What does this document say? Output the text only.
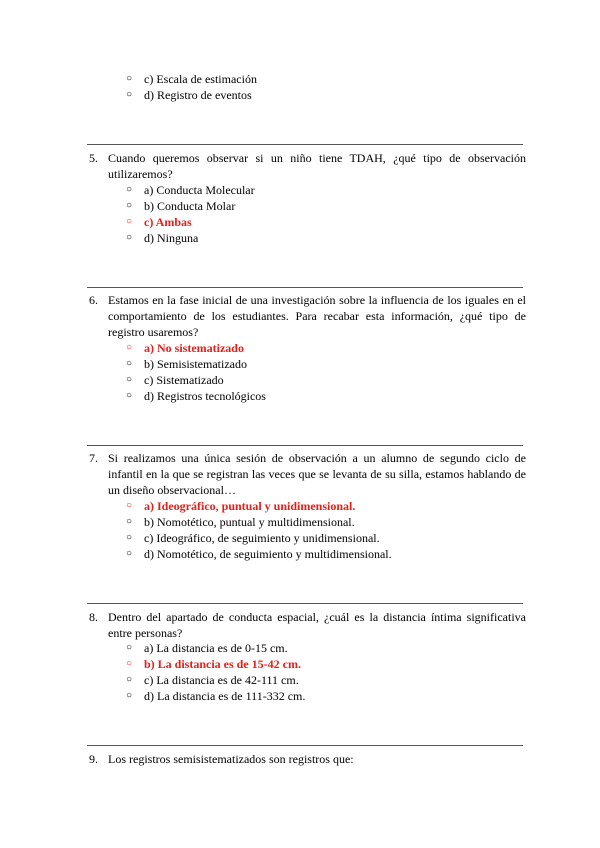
○ c) Escala de estimación
○ d) Registro de eventos
5. Cuando queremos observar si un niño tiene TDAH, ¿qué tipo de observación utilizaremos?
○ a) Conducta Molecular
○ b) Conducta Molar
○ c) Ambas
○ d) Ninguna
6. Estamos en la fase inicial de una investigación sobre la influencia de los iguales en el comportamiento de los estudiantes. Para recabar esta información, ¿qué tipo de registro usaremos?
○ a) No sistematizado
○ b) Semisistematizado
○ c) Sistematizado
○ d) Registros tecnológicos
7. Si realizamos una única sesión de observación a un alumno de segundo ciclo de infantil en la que se registran las veces que se levanta de su silla, estamos hablando de un diseño observacional…
○ a) Ideográfico, puntual y unidimensional.
○ b) Nomotético, puntual y multidimensional.
○ c) Ideográfico, de seguimiento y unidimensional.
○ d) Nomotético, de seguimiento y multidimensional.
8. Dentro del apartado de conducta espacial, ¿cuál es la distancia íntima significativa entre personas?
○ a) La distancia es de 0-15 cm.
○ b) La distancia es de 15-42 cm.
○ c) La distancia es de 42-111 cm.
○ d) La distancia es de 111-332 cm.
9. Los registros semisistematizados son registros que:
